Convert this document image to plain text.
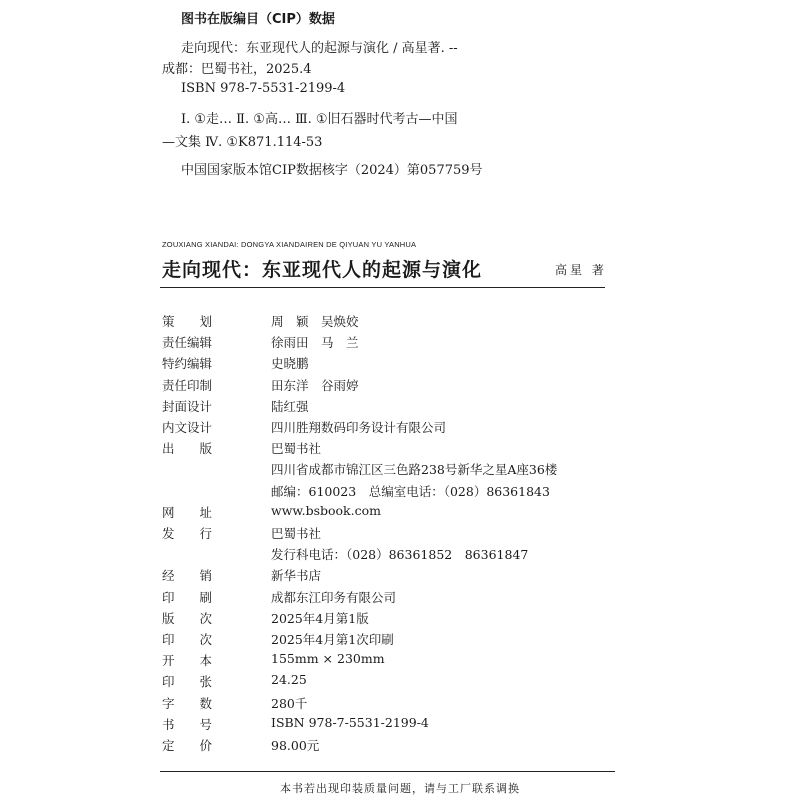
图书在版编目（CIP）数据
走向现代：东亚现代人的起源与演化 / 高星著. --
成都：巴蜀书社，2025.4
ISBN 978-7-5531-2199-4
Ⅰ. ①走… Ⅱ. ①高… Ⅲ. ①旧石器时代考古—中国
—文集 Ⅳ. ①K871.114-53
中国国家版本馆CIP数据核字（2024）第057759号
ZOUXIANG XIANDAI: DONGYA XIANDAIREN DE QIYUAN YU YANHUA
走向现代：东亚现代人的起源与演化	高星 著
策　　划	周　颖　吴焕姣
责任编辑	徐雨田　马　兰
特约编辑	史晓鹏
责任印制	田东洋　谷雨婷
封面设计	陆红强
内文设计	四川胜翔数码印务设计有限公司
出　　版	巴蜀书社
四川省成都市锦江区三色路238号新华之星A座36楼
邮编：610023　总编室电话：（028）86361843
网　　址	www.bsbook.com
发　　行	巴蜀书社
发行科电话：（028）86361852　86361847
经　　销	新华书店
印　　刷	成都东江印务有限公司
版　　次	2025年4月第1版
印　　次	2025年4月第1次印刷
开　　本	155mm × 230mm
印　　张	24.25
字　　数	280千
书　　号	ISBN 978-7-5531-2199-4
定　　价	98.00元
本书若出现印装质量问题，请与工厂联系调换
